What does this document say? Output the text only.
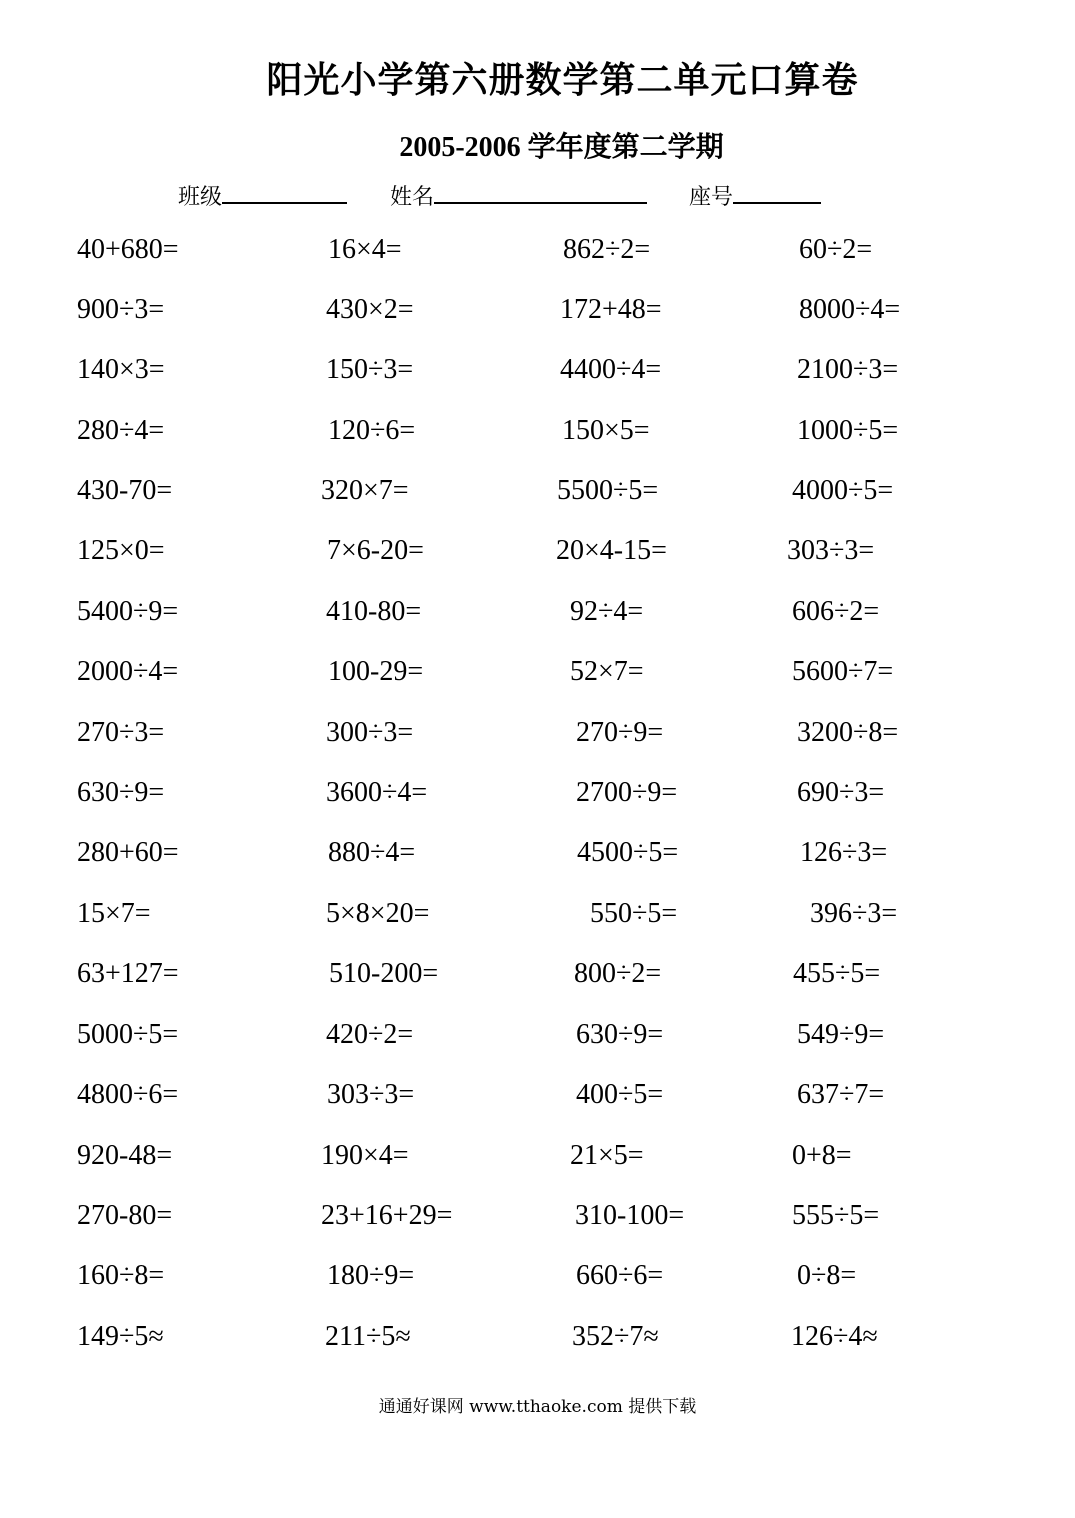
阳光小学第六册数学第二单元口算卷
2005-2006 学年度第二学期
班级	姓名	座号
40+680=	16×4=	862÷2=	60÷2=
900÷3=	430×2=	172+48=	8000÷4=
140×3=	150÷3=	4400÷4=	2100÷3=
280÷4=	120÷6=	150×5=	1000÷5=
430-70=	320×7=	5500÷5=	4000÷5=
125×0=	7×6-20=	20×4-15=	303÷3=
5400÷9=	410-80=	92÷4=	606÷2=
2000÷4=	100-29=	52×7=	5600÷7=
270÷3=	300÷3=	270÷9=	3200÷8=
630÷9=	3600÷4=	2700÷9=	690÷3=
280+60=	880÷4=	4500÷5=	126÷3=
15×7=	5×8×20=	550÷5=	396÷3=
63+127=	510-200=	800÷2=	455÷5=
5000÷5=	420÷2=	630÷9=	549÷9=
4800÷6=	303÷3=	400÷5=	637÷7=
920-48=	190×4=	21×5=	0+8=
270-80=	23+16+29=	310-100=	555÷5=
160÷8=	180÷9=	660÷6=	0÷8=
149÷5≈	211÷5≈	352÷7≈	126÷4≈
通通好课网 www.tthaoke.com 提供下载
